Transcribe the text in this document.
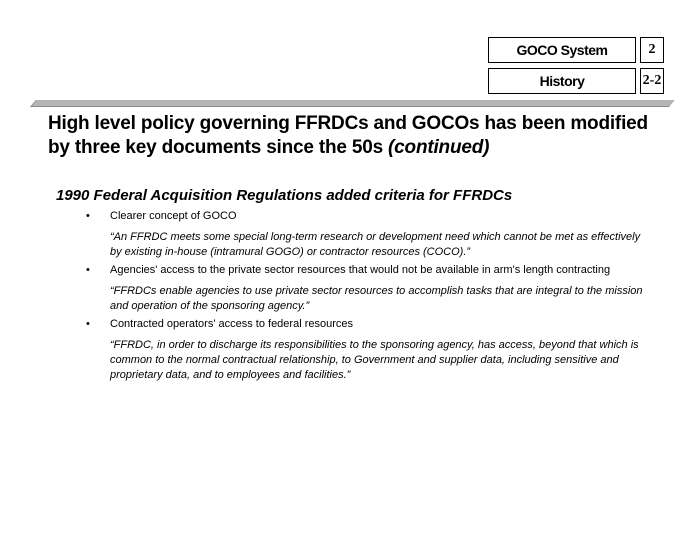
GOCO System	2
History	2-2
High level policy governing FFRDCs and GOCOs has been modified by three key documents since the 50s (continued)
1990 Federal Acquisition Regulations added criteria for FFRDCs
• Clearer concept of GOCO

“An FFRDC meets some special long-term research or development need which cannot be met as effectively by existing in-house (intramural GOGO) or contractor resources (COCO).”

• Agencies' access to the private sector resources that would not be available in arm's length contracting

“FFRDCs enable agencies to use private sector resources to accomplish tasks that are integral to the mission and operation of the sponsoring agency.”

• Contracted operators' access to federal resources

“FFRDC, in order to discharge its responsibilities to the sponsoring agency, has access, beyond that which is common to the normal contractual relationship, to Government and supplier data, including sensitive and proprietary data, and to employees and facilities.”
